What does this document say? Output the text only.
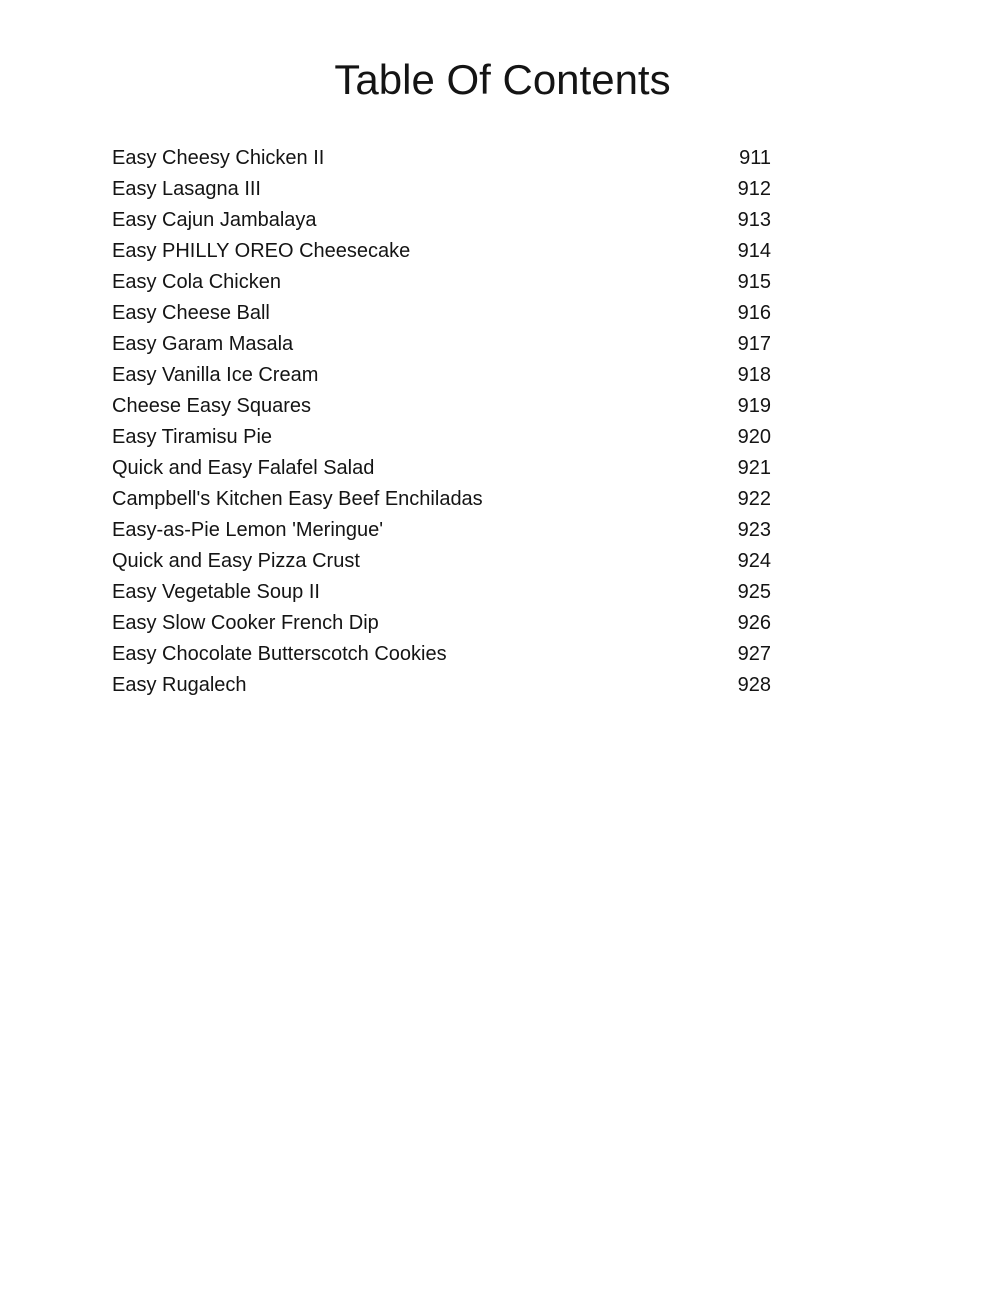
Table Of Contents
Easy Cheesy Chicken II	911
Easy Lasagna III	912
Easy Cajun Jambalaya	913
Easy PHILLY OREO Cheesecake	914
Easy Cola Chicken	915
Easy Cheese Ball	916
Easy Garam Masala	917
Easy Vanilla Ice Cream	918
Cheese Easy Squares	919
Easy Tiramisu Pie	920
Quick and Easy Falafel Salad	921
Campbell's Kitchen Easy Beef Enchiladas	922
Easy-as-Pie Lemon 'Meringue'	923
Quick and Easy Pizza Crust	924
Easy Vegetable Soup II	925
Easy Slow Cooker French Dip	926
Easy Chocolate Butterscotch Cookies	927
Easy Rugalech	928
